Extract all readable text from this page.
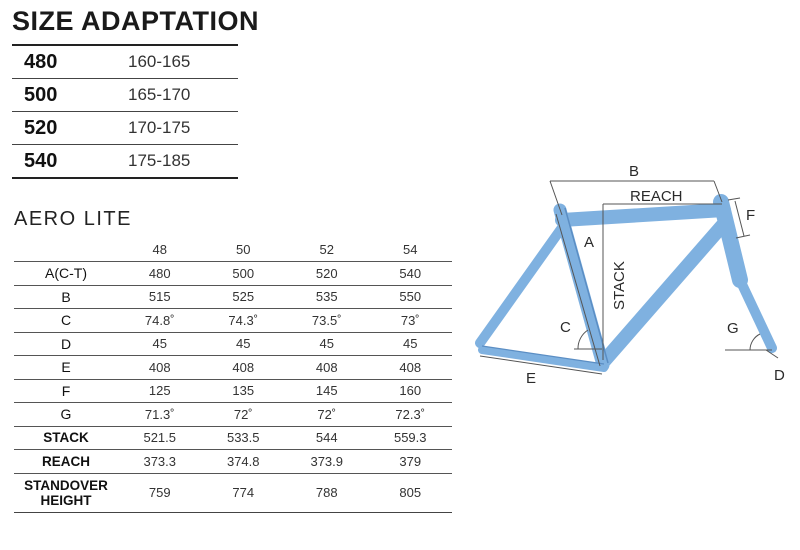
SIZE ADAPTATION
480	160-165
500	165-170
520	170-175
540	175-185
AERO LITE
	48	50	52	54
A(C-T)	480	500	520	540
B	515	525	535	550
C	74.8˚	74.3˚	73.5˚	73˚
D	45	45	45	45
E	408	408	408	408
F	125	135	145	160
G	71.3˚	72˚	72˚	72.3˚
STACK	521.5	533.5	544	559.3
REACH	373.3	374.8	373.9	379
STANDOVER
HEIGHT	759	774	788	805
B
REACH
A
STACK
F
C	G
D
E
